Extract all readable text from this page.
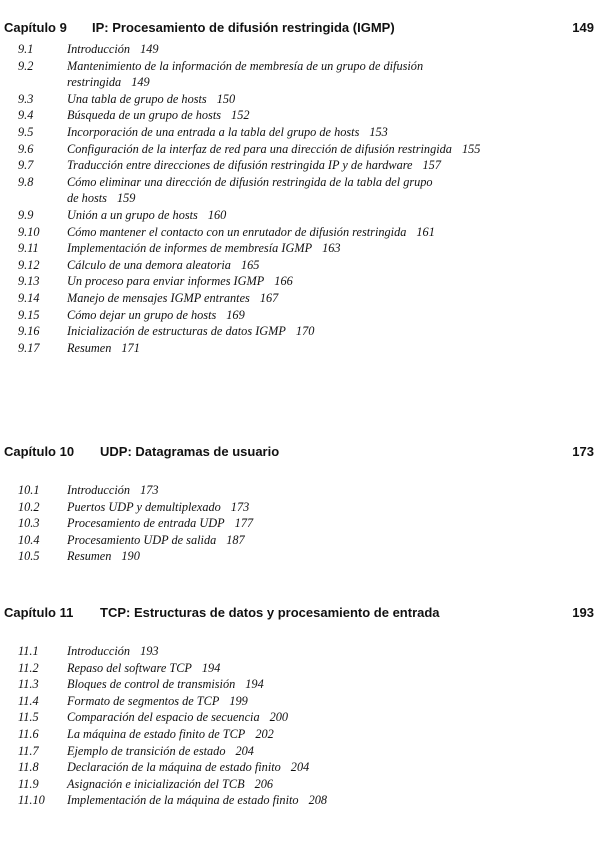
Capítulo 9 IP: Procesamiento de difusión restringida (IGMP)	149
9.1	Introducción 149
9.2	Mantenimiento de la información de membresía de un grupo de difusión
restringida 149
9.3	Una tabla de grupo de hosts 150
9.4	Búsqueda de un grupo de hosts 152
9.5	Incorporación de una entrada a la tabla del grupo de hosts 153
9.6	Configuración de la interfaz de red para una dirección de difusión restringida 155
9.7	Traducción entre direcciones de difusión restringida IP y de hardware 157
9.8	Cómo eliminar una dirección de difusión restringida de la tabla del grupo
de hosts 159
9.9	Unión a un grupo de hosts 160
9.10 Cómo mantener el contacto con un enrutador de difusión restringida 161
9.11 Implementación de informes de membresía IGMP 163
9.12 Cálculo de una demora aleatoria 165
9.13 Un proceso para enviar informes IGMP 166
9.14 Manejo de mensajes IGMP entrantes 167
9.15 Cómo dejar un grupo de hosts 169
9.16 Inicialización de estructuras de datos IGMP 170
9.17 Resumen 171
Capítulo 10 UDP: Datagramas de usuario	173
10.1 Introducción 173
10.2 Puertos UDP y demultiplexado 173
10.3 Procesamiento de entrada UDP 177
10.4 Procesamiento UDP de salida 187
10.5 Resumen 190
Capítulo 11 TCP: Estructuras de datos y procesamiento de entrada	193
11.1 Introducción 193
11.2 Repaso del software TCP 194
11.3 Bloques de control de transmisión 194
11.4 Formato de segmentos de TCP 199
11.5 Comparación del espacio de secuencia 200
11.6 La máquina de estado finito de TCP 202
11.7 Ejemplo de transición de estado 204
11.8 Declaración de la máquina de estado finito 204
11.9 Asignación e inicialización del TCB 206
11.10 Implementación de la máquina de estado finito 208
